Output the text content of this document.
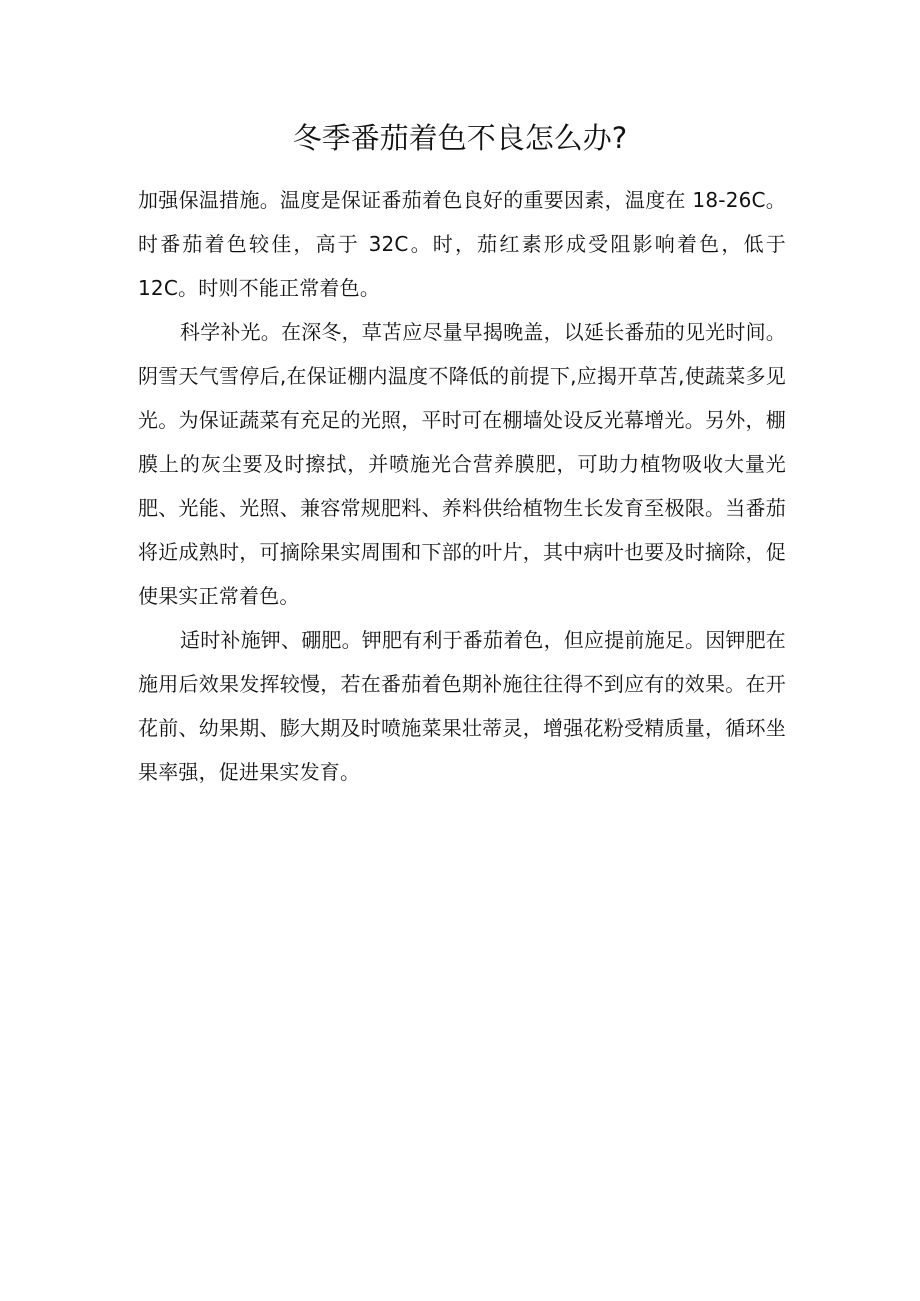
冬季番茄着色不良怎么办?

加强保温措施。温度是保证番茄着色良好的重要因素，温度在 18-26C。时番茄着色较佳，高于 32C。时，茄红素形成受阻影响着色，低于 12C。时则不能正常着色。

科学补光。在深冬，草苫应尽量早揭晚盖，以延长番茄的见光时间。阴雪天气雪停后,在保证棚内温度不降低的前提下,应揭开草苫,使蔬菜多见光。为保证蔬菜有充足的光照，平时可在棚墙处设反光幕增光。另外，棚膜上的灰尘要及时擦拭，并喷施光合营养膜肥，可助力植物吸收大量光肥、光能、光照、兼容常规肥料、养料供给植物生长发育至极限。当番茄将近成熟时，可摘除果实周围和下部的叶片，其中病叶也要及时摘除，促使果实正常着色。

适时补施钾、硼肥。钾肥有利于番茄着色，但应提前施足。因钾肥在施用后效果发挥较慢，若在番茄着色期补施往往得不到应有的效果。在开花前、幼果期、膨大期及时喷施菜果壮蒂灵，增强花粉受精质量，循环坐果率强，促进果实发育。
